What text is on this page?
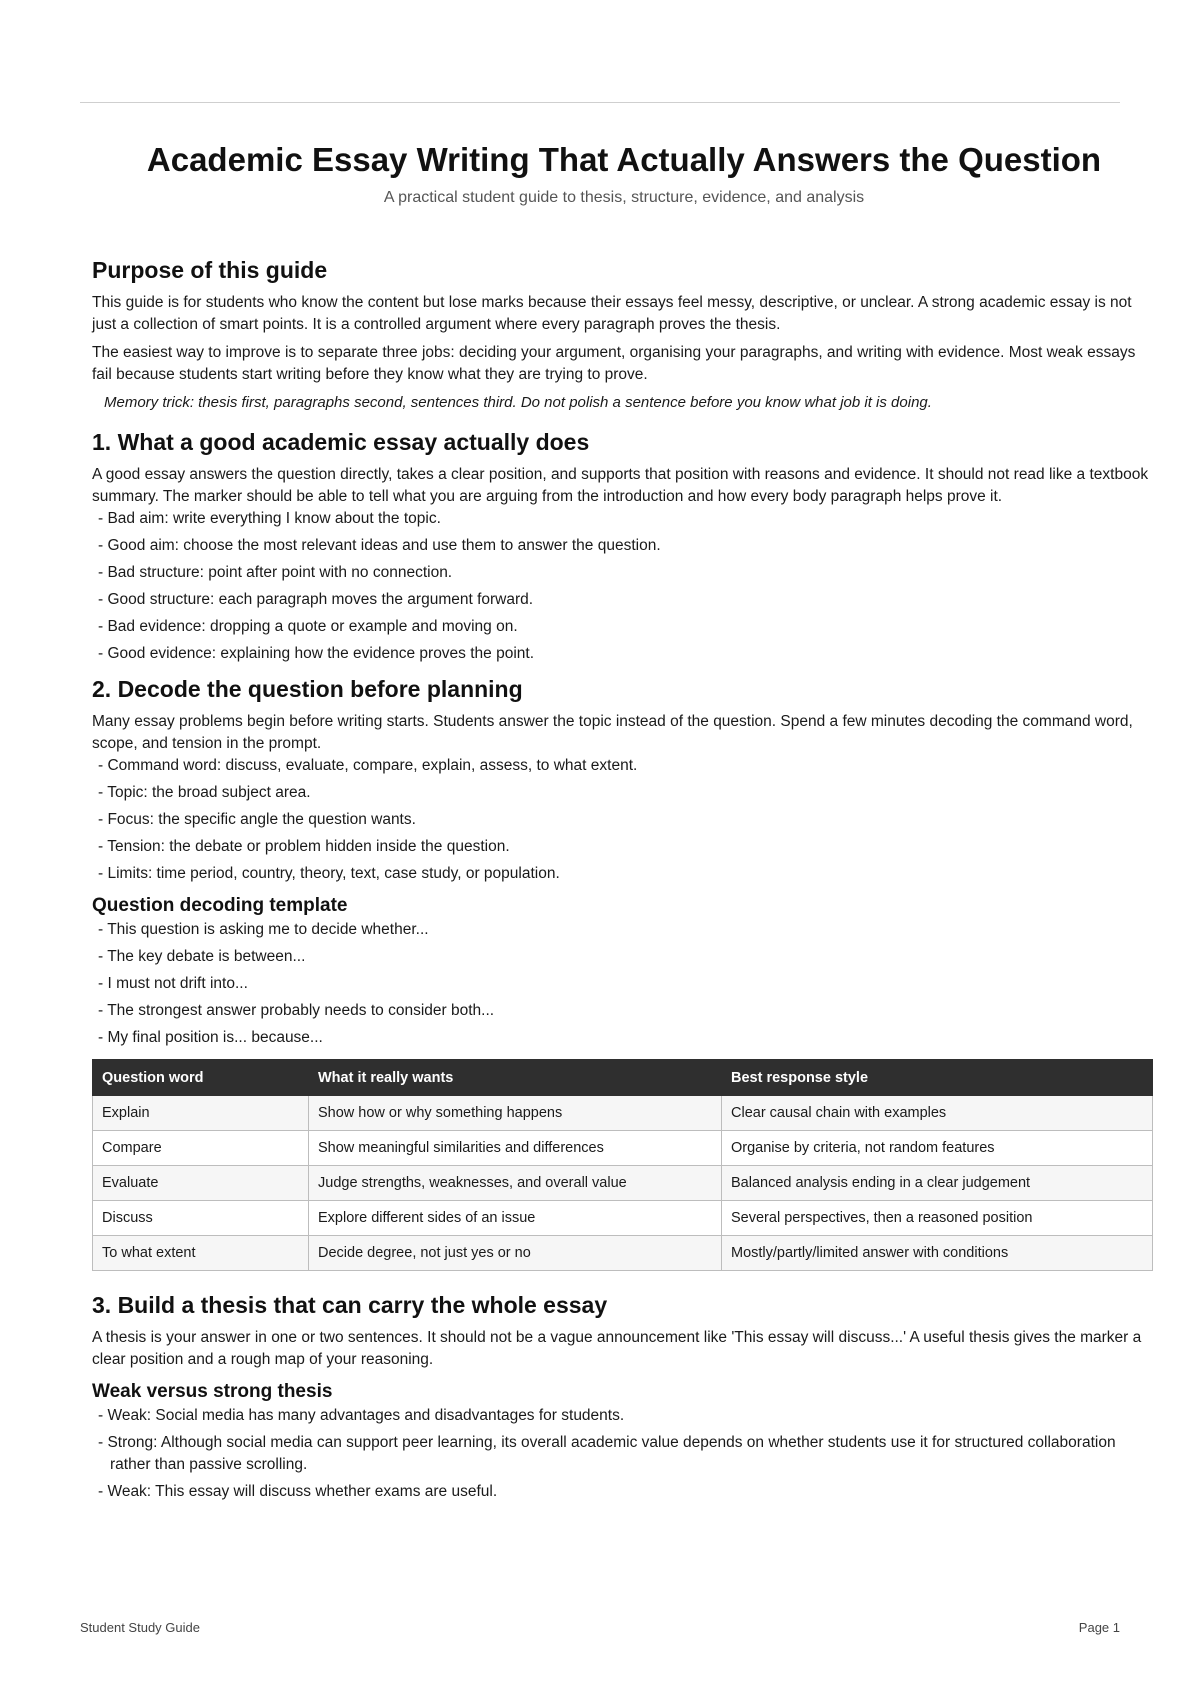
Academic Essay Writing That Actually Answers the Question
A practical student guide to thesis, structure, evidence, and analysis
Purpose of this guide

This guide is for students who know the content but lose marks because their essays feel messy, descriptive, or unclear. A strong academic essay is not just a collection of smart points. It is a controlled argument where every paragraph proves the thesis.

The easiest way to improve is to separate three jobs: deciding your argument, organising your paragraphs, and writing with evidence. Most weak essays fail because students start writing before they know what they are trying to prove.

Memory trick: thesis first, paragraphs second, sentences third. Do not polish a sentence before you know what job it is doing.

1. What a good academic essay actually does

A good essay answers the question directly, takes a clear position, and supports that position with reasons and evidence. It should not read like a textbook summary. The marker should be able to tell what you are arguing from the introduction and how every body paragraph helps prove it.

- Bad aim: write everything I know about the topic.
- Good aim: choose the most relevant ideas and use them to answer the question.
- Bad structure: point after point with no connection.
- Good structure: each paragraph moves the argument forward.
- Bad evidence: dropping a quote or example and moving on.
- Good evidence: explaining how the evidence proves the point.
2. Decode the question before planning

Many essay problems begin before writing starts. Students answer the topic instead of the question. Spend a few minutes decoding the command word, scope, and tension in the prompt.

- Command word: discuss, evaluate, compare, explain, assess, to what extent.
- Topic: the broad subject area.
- Focus: the specific angle the question wants.
- Tension: the debate or problem hidden inside the question.
- Limits: time period, country, theory, text, case study, or population.
Question decoding template
- This question is asking me to decide whether...
- The key debate is between...
- I must not drift into...
- The strongest answer probably needs to consider both...
- My final position is... because...
Question word	What it really wants	Best response style
Explain	Show how or why something happens	Clear causal chain with examples
Compare	Show meaningful similarities and differences	Organise by criteria, not random features
Evaluate	Judge strengths, weaknesses, and overall value	Balanced analysis ending in a clear judgement
Discuss	Explore different sides of an issue	Several perspectives, then a reasoned position
To what extent	Decide degree, not just yes or no	Mostly/partly/limited answer with conditions
3. Build a thesis that can carry the whole essay

A thesis is your answer in one or two sentences. It should not be a vague announcement like 'This essay will discuss...' A useful thesis gives the marker a clear position and a rough map of your reasoning.

Weak versus strong thesis
- Weak: Social media has many advantages and disadvantages for students.
- Strong: Although social media can support peer learning, its overall academic value depends on whether students use it for structured collaboration rather than passive scrolling.
- Weak: This essay will discuss whether exams are useful.
Student Study Guide	Page 1
